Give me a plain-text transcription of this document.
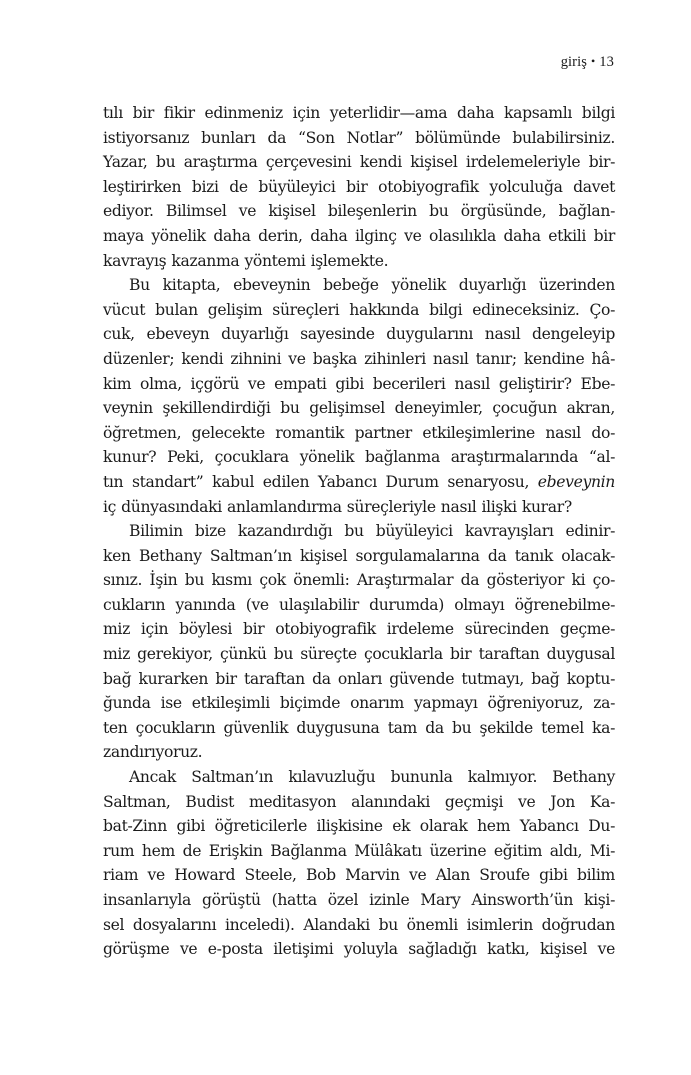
giriş • 13
tılı bir fikir edinmeniz için yeterlidir—ama daha kapsamlı bilgi
istiyorsanız bunları da “Son Notlar” bölümünde bulabilirsiniz.
Yazar, bu araştırma çerçevesini kendi kişisel irdelemeleriyle bir-
leştirirken bizi de büyüleyici bir otobiyografik yolculuğa davet
ediyor. Bilimsel ve kişisel bileşenlerin bu örgüsünde, bağlan-
maya yönelik daha derin, daha ilginç ve olasılıkla daha etkili bir
kavrayış kazanma yöntemi işlemekte.
Bu kitapta, ebeveynin bebeğe yönelik duyarlığı üzerinden
vücut bulan gelişim süreçleri hakkında bilgi edineceksiniz. Ço-
cuk, ebeveyn duyarlığı sayesinde duygularını nasıl dengeleyip
düzenler; kendi zihnini ve başka zihinleri nasıl tanır; kendine hâ-
kim olma, içgörü ve empati gibi becerileri nasıl geliştirir? Ebe-
veynin şekillendirdiği bu gelişimsel deneyimler, çocuğun akran,
öğretmen, gelecekte romantik partner etkileşimlerine nasıl do-
kunur? Peki, çocuklara yönelik bağlanma araştırmalarında “al-
tın standart” kabul edilen Yabancı Durum senaryosu, ebeveynin
iç dünyasındaki anlamlandırma süreçleriyle nasıl ilişki kurar?
Bilimin bize kazandırdığı bu büyüleyici kavrayışları edinir-
ken Bethany Saltman’ın kişisel sorgulamalarına da tanık olacak-
sınız. İşin bu kısmı çok önemli: Araştırmalar da gösteriyor ki ço-
cukların yanında (ve ulaşılabilir durumda) olmayı öğrenebilme-
miz için böylesi bir otobiyografik irdeleme sürecinden geçme-
miz gerekiyor, çünkü bu süreçte çocuklarla bir taraftan duygusal
bağ kurarken bir taraftan da onları güvende tutmayı, bağ koptu-
ğunda ise etkileşimli biçimde onarım yapmayı öğreniyoruz, za-
ten çocukların güvenlik duygusuna tam da bu şekilde temel ka-
zandırıyoruz.
Ancak Saltman’ın kılavuzluğu bununla kalmıyor. Bethany
Saltman, Budist meditasyon alanındaki geçmişi ve Jon Ka-
bat-Zinn gibi öğreticilerle ilişkisine ek olarak hem Yabancı Du-
rum hem de Erişkin Bağlanma Mülâkatı üzerine eğitim aldı, Mi-
riam ve Howard Steele, Bob Marvin ve Alan Sroufe gibi bilim
insanlarıyla görüştü (hatta özel izinle Mary Ainsworth’ün kişi-
sel dosyalarını inceledi). Alandaki bu önemli isimlerin doğrudan
görüşme ve e-posta iletişimi yoluyla sağladığı katkı, kişisel ve
